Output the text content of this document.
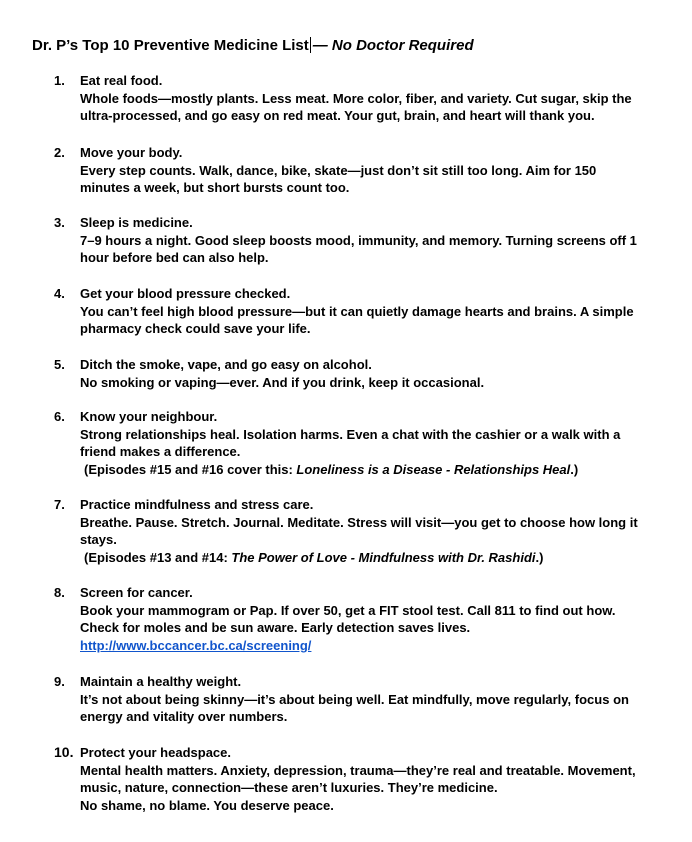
Dr. P’s Top 10 Preventive Medicine List — No Doctor Required
1. Eat real food.
Whole foods—mostly plants. Less meat. More color, fiber, and variety. Cut sugar, skip the
ultra-processed, and go easy on red meat. Your gut, brain, and heart will thank you.
2. Move your body.
Every step counts. Walk, dance, bike, skate—just don’t sit still too long. Aim for 150
minutes a week, but short bursts count too.
3. Sleep is medicine.
7–9 hours a night. Good sleep boosts mood, immunity, and memory. Turning screens off 1
hour before bed can also help.
4. Get your blood pressure checked.
You can’t feel high blood pressure—but it can quietly damage hearts and brains. A simple
pharmacy check could save your life.
5. Ditch the smoke, vape, and go easy on alcohol.
No smoking or vaping—ever. And if you drink, keep it occasional.
6. Know your neighbour.
Strong relationships heal. Isolation harms. Even a chat with the cashier or a walk with a
friend makes a difference.
(Episodes #15 and #16 cover this: Loneliness is a Disease - Relationships Heal.)
7. Practice mindfulness and stress care.
Breathe. Pause. Stretch. Journal. Meditate. Stress will visit—you get to choose how long it
stays.
(Episodes #13 and #14: The Power of Love - Mindfulness with Dr. Rashidi.)
8. Screen for cancer.
Book your mammogram or Pap. If over 50, get a FIT stool test. Call 811 to find out how.
Check for moles and be sun aware. Early detection saves lives.
http://www.bccancer.bc.ca/screening/
9. Maintain a healthy weight.
It’s not about being skinny—it’s about being well. Eat mindfully, move regularly, focus on
energy and vitality over numbers.
10. Protect your headspace.
Mental health matters. Anxiety, depression, trauma—they’re real and treatable. Movement,
music, nature, connection—these aren’t luxuries. They’re medicine.
No shame, no blame. You deserve peace.
